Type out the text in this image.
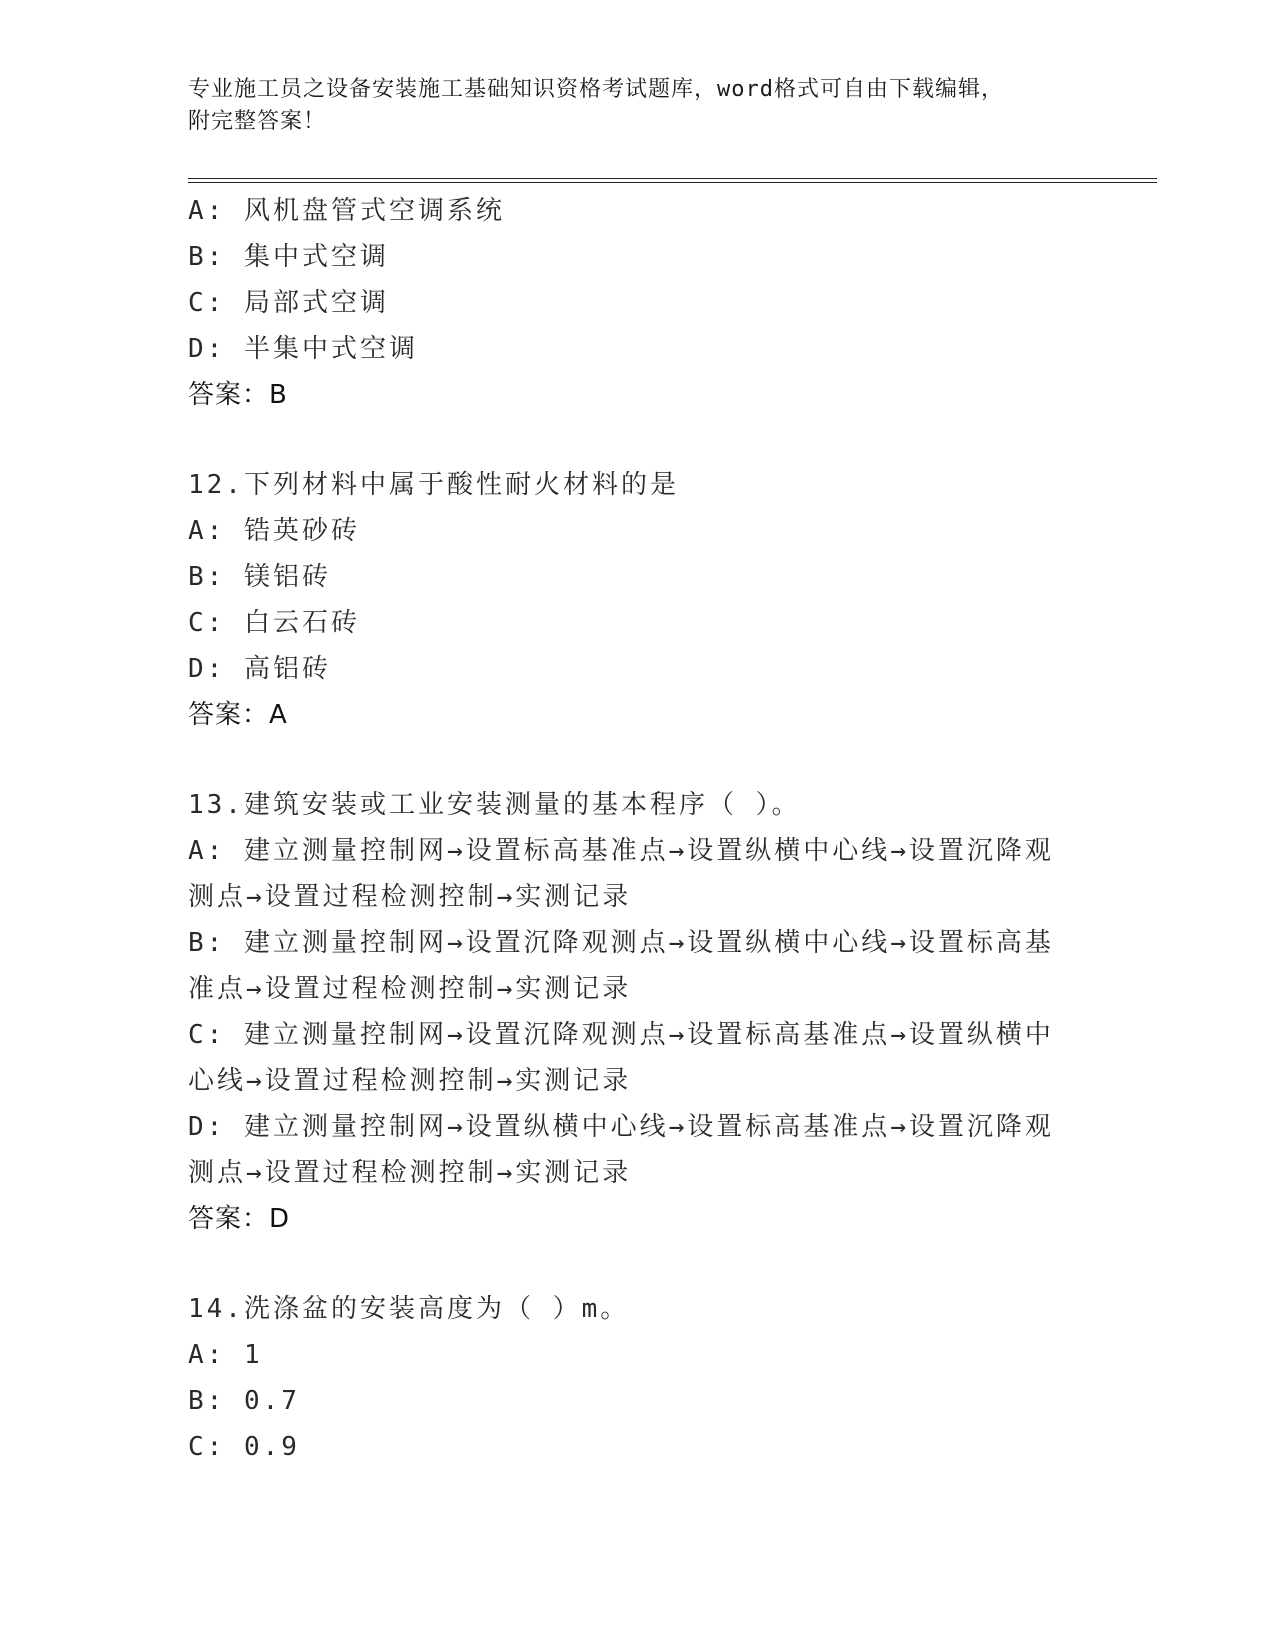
专业施工员之设备安装施工基础知识资格考试题库，word格式可自由下载编辑，
附完整答案！
A: 风机盘管式空调系统
B: 集中式空调
C: 局部式空调
D: 半集中式空调
答案：B
12.下列材料中属于酸性耐火材料的是
A: 锆英砂砖
B: 镁铝砖
C: 白云石砖
D: 高铝砖
答案：A
13.建筑安装或工业安装测量的基本程序（ ）。
A: 建立测量控制网→设置标高基准点→设置纵横中心线→设置沉降观
测点→设置过程检测控制→实测记录
B: 建立测量控制网→设置沉降观测点→设置纵横中心线→设置标高基
准点→设置过程检测控制→实测记录
C: 建立测量控制网→设置沉降观测点→设置标高基准点→设置纵横中
心线→设置过程检测控制→实测记录
D: 建立测量控制网→设置纵横中心线→设置标高基准点→设置沉降观
测点→设置过程检测控制→实测记录
答案：D
14.洗涤盆的安装高度为（ ）m。
A: 1
B: 0.7
C: 0.9
